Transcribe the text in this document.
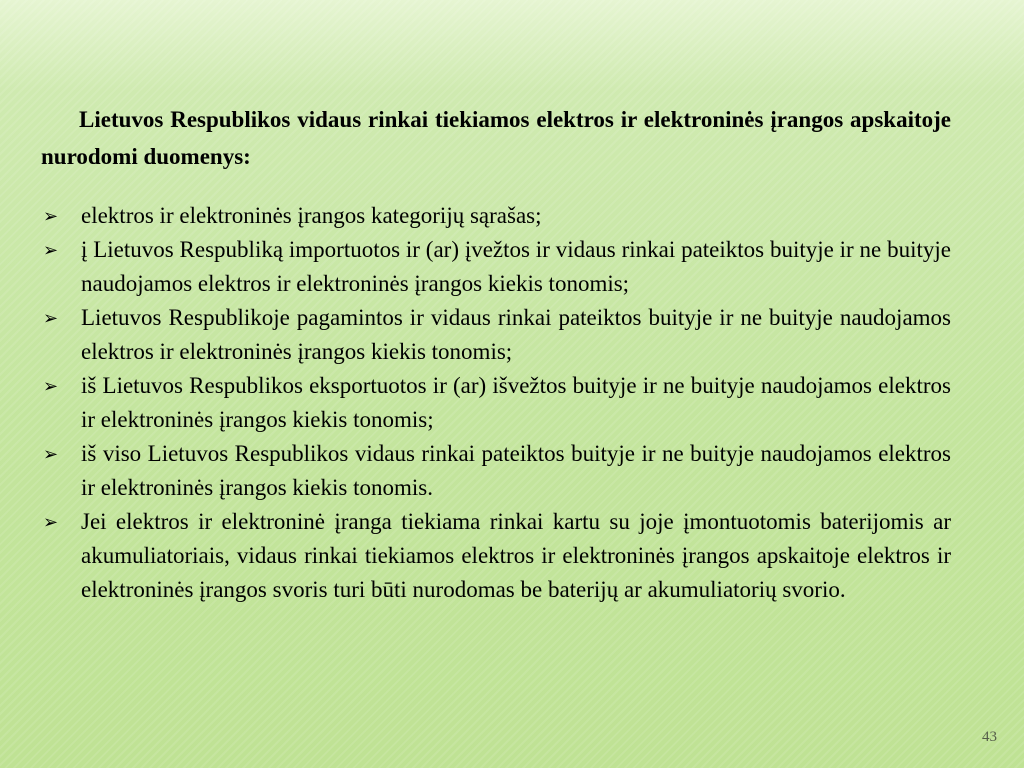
Lietuvos Respublikos vidaus rinkai tiekiamos elektros ir elektroninės įrangos apskaitoje nurodomi duomenys:

➢ elektros ir elektroninės įrangos kategorijų sąrašas;
➢ į Lietuvos Respubliką importuotos ir (ar) įvežtos ir vidaus rinkai pateiktos buityje ir ne buityje naudojamos elektros ir elektroninės įrangos kiekis tonomis;
➢ Lietuvos Respublikoje pagamintos ir vidaus rinkai pateiktos buityje ir ne buityje naudojamos elektros ir elektroninės įrangos kiekis tonomis;
➢ iš Lietuvos Respublikos eksportuotos ir (ar) išvežtos buityje ir ne buityje naudojamos elektros ir elektroninės įrangos kiekis tonomis;
➢ iš viso Lietuvos Respublikos vidaus rinkai pateiktos buityje ir ne buityje naudojamos elektros ir elektroninės įrangos kiekis tonomis.
➢ Jei elektros ir elektroninė įranga tiekiama rinkai kartu su joje įmontuotomis baterijomis ar akumuliatoriais, vidaus rinkai tiekiamos elektros ir elektroninės įrangos apskaitoje elektros ir elektroninės įrangos svoris turi būti nurodomas be baterijų ar akumuliatorių svorio.
43
